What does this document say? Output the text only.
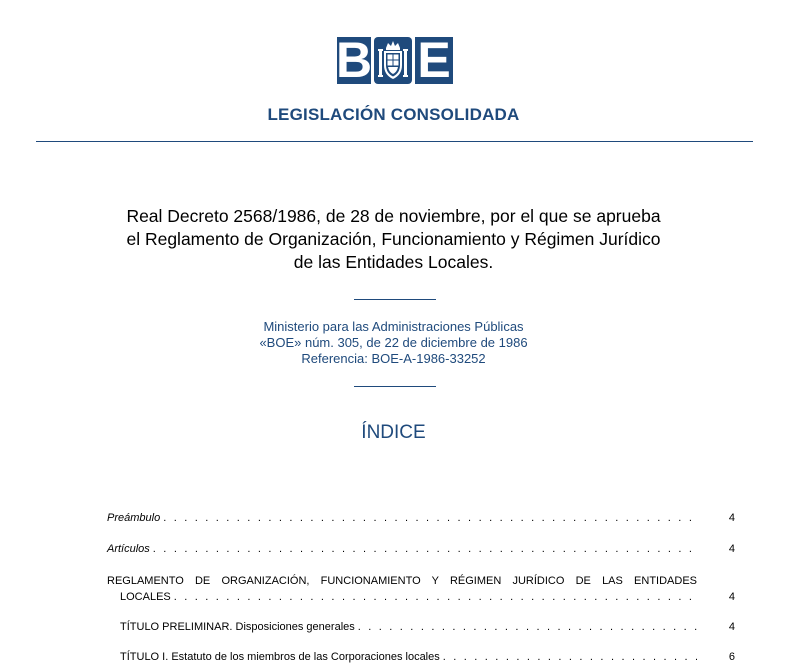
B E
LEGISLACIÓN CONSOLIDADA
Real Decreto 2568/1986, de 28 de noviembre, por el que se aprueba
el Reglamento de Organización, Funcionamiento y Régimen Jurídico
de las Entidades Locales.
Ministerio para las Administraciones Públicas
«BOE» núm. 305, de 22 de diciembre de 1986
Referencia: BOE-A-1986-33252
ÍNDICE
Preámbulo . . .	4
Artículos . . .	4
REGLAMENTO DE ORGANIZACIÓN, FUNCIONAMIENTO Y RÉGIMEN JURÍDICO DE LAS ENTIDADES
LOCALES . . .	4
TÍTULO PRELIMINAR. Disposiciones generales . . .	4
TÍTULO I. Estatuto de los miembros de las Corporaciones locales . . .	6
